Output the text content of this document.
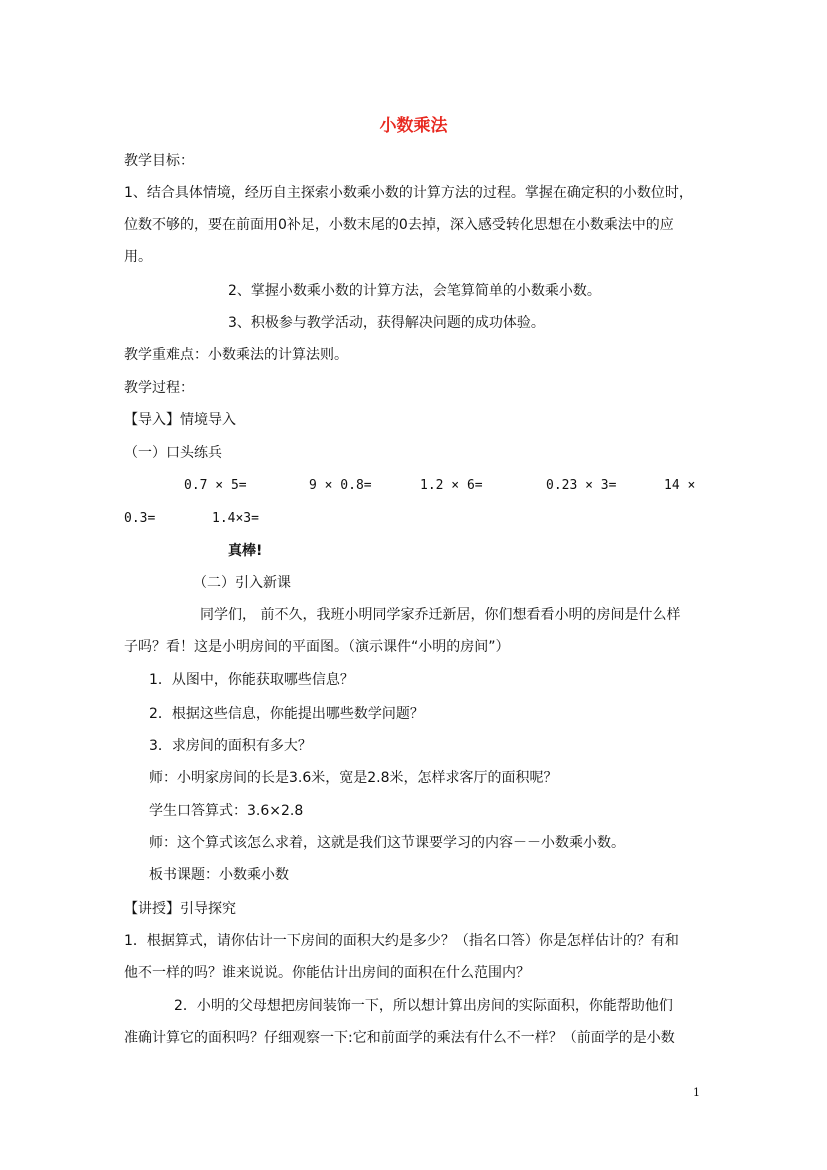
小数乘法
教学目标：
1、结合具体情境，经历自主探索小数乘小数的计算方法的过程。掌握在确定积的小数位时，
位数不够的，要在前面用0补足，小数末尾的0去掉，深入感受转化思想在小数乘法中的应
用。
2、掌握小数乘小数的计算方法，会笔算简单的小数乘小数。
3、积极参与教学活动，获得解决问题的成功体验。
教学重难点：小数乘法的计算法则。
教学过程：
【导入】情境导入
（一）口头练兵
0.7 × 5=	9 × 0.8=	1.2 × 6=	0.23 × 3=	14 ×
0.3=	1.4×3=
真棒!
（二）引入新课
同学们， 前不久，我班小明同学家乔迁新居，你们想看看小明的房间是什么样
子吗？看！这是小明房间的平面图。（演示课件“小明的房间”）
1．从图中，你能获取哪些信息？
2．根据这些信息，你能提出哪些数学问题？
3．求房间的面积有多大？
师：小明家房间的长是3.6米，宽是2.8米，怎样求客厅的面积呢？
学生口答算式：3.6×2.8
师：这个算式该怎么求着，这就是我们这节课要学习的内容－－小数乘小数。
板书课题：小数乘小数
【讲授】引导探究
1．根据算式，请你估计一下房间的面积大约是多少？（指名口答）你是怎样估计的？有和
他不一样的吗？谁来说说。你能估计出房间的面积在什么范围内？
2．小明的父母想把房间装饰一下，所以想计算出房间的实际面积，你能帮助他们
准确计算它的面积吗？仔细观察一下:它和前面学的乘法有什么不一样？（前面学的是小数
1
